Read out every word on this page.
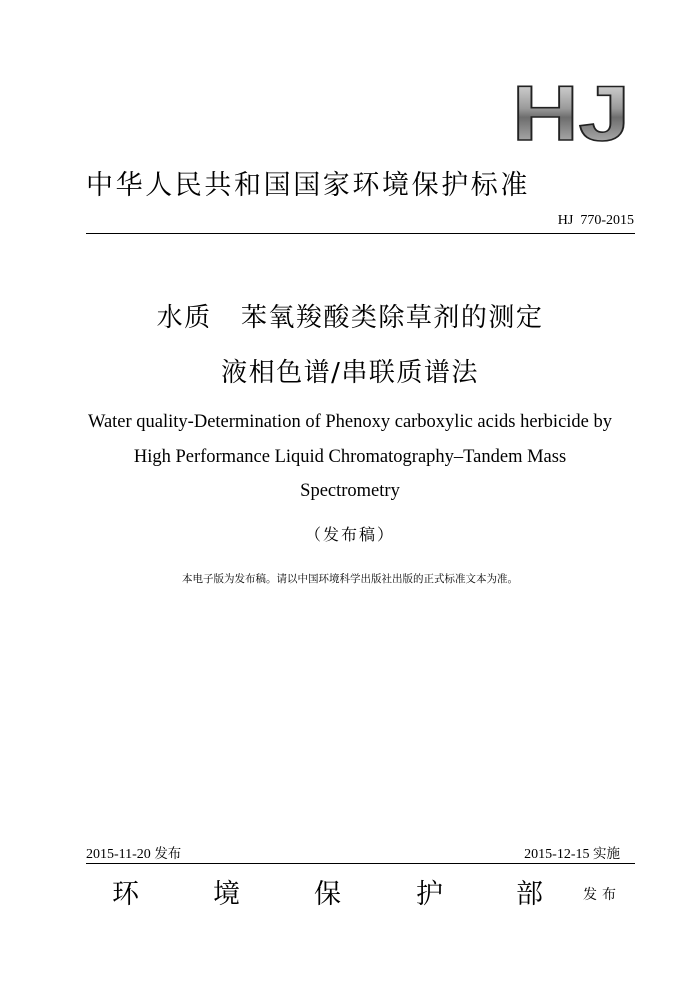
HJ
中华人民共和国国家环境保护标准
HJ  770-2015
水质   苯氧羧酸类除草剂的测定
液相色谱/串联质谱法
Water quality-Determination of Phenoxy carboxylic acids herbicide by
High Performance Liquid Chromatography–Tandem Mass
Spectrometry
（发布稿）
本电子版为发布稿。请以中国环境科学出版社出版的正式标准文本为准。
2015-11-20 发布	2015-12-15 实施
环	境	保	护	部	发布
